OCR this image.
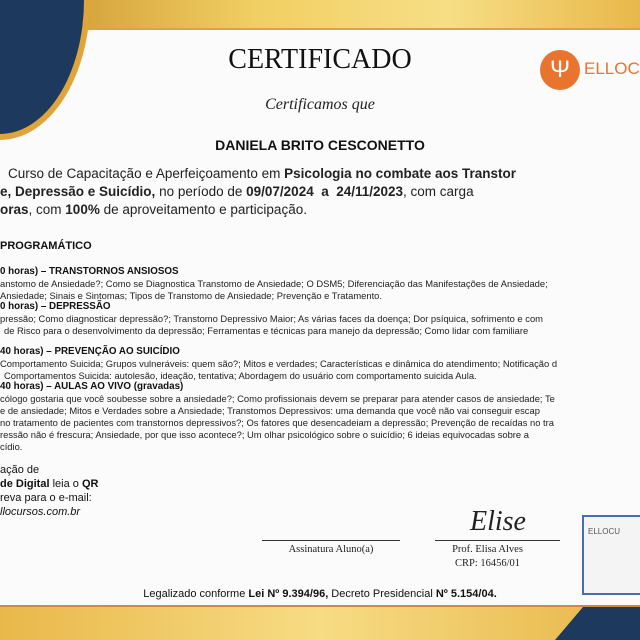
CERTIFICADO	Ψ ELLOC
Certificamos que
DANIELA BRITO CESCONETTO
Curso de Capacitação e Aperfeiçoamento em Psicologia no combate aos Transtor
e, Depressão e Suicídio, no período de 09/07/2024  a  24/11/2023, com carga
oras, com 100% de aproveitamento e participação.
PROGRAMÁTICO
0 horas) – TRANSTORNOS ANSIOSOS
anstomo de Ansiedade?; Como se Diagnostica Transtomo de Ansiedade; O DSM5; Diferenciação das Manifestações de Ansiedade;
Ansiedade; Sinais e Sintomas; Tipos de Transtomo de Ansiedade; Prevenção e Tratamento.
0 horas) – DEPRESSÃO
pressão; Como diagnosticar depressão?; Transtomo Depressivo Maior; As várias faces da doença; Dor psíquica, sofrimento e com
de Risco para o desenvolvimento da depressão; Ferramentas e técnicas para manejo da depressão; Como lidar com familiare
40 horas) – PREVENÇÃO AO SUICÍDIO
Comportamento Suicida; Grupos vulneráveis: quem são?; Mitos e verdades; Características e dinâmica do atendimento; Notificação d
Comportamentos Suicida: autolesão, ideação, tentativa; Abordagem do usuário com comportamento suicida Aula.
40 horas) – AULAS AO VIVO (gravadas)
cólogo gostaria que você soubesse sobre a ansiedade?; Como profissionais devem se preparar para atender casos de ansiedade; Te
e de ansiedade; Mitos e Verdades sobre a Ansiedade; Transtomos Depressivos: uma demanda que você não vai conseguir escap
no tratamento de pacientes com transtornos depressivos?; Os fatores que desencadeiam a depressão; Prevenção de recaídas no tra
ressão não é frescura; Ansiedade, por que isso acontece?; Um olhar psicológico sobre o suicídio; 6 ideias equivocadas sobre a
cídio.
ação de
de Digital leia o QR
reva para o e-mail:
llocursos.com.br
Assinatura Aluno(a)
Elise
Prof. Elisa Alves
CRP: 16456/01
ELLOCU
Legalizado conforme Lei Nº 9.394/96, Decreto Presidencial Nº 5.154/04.
